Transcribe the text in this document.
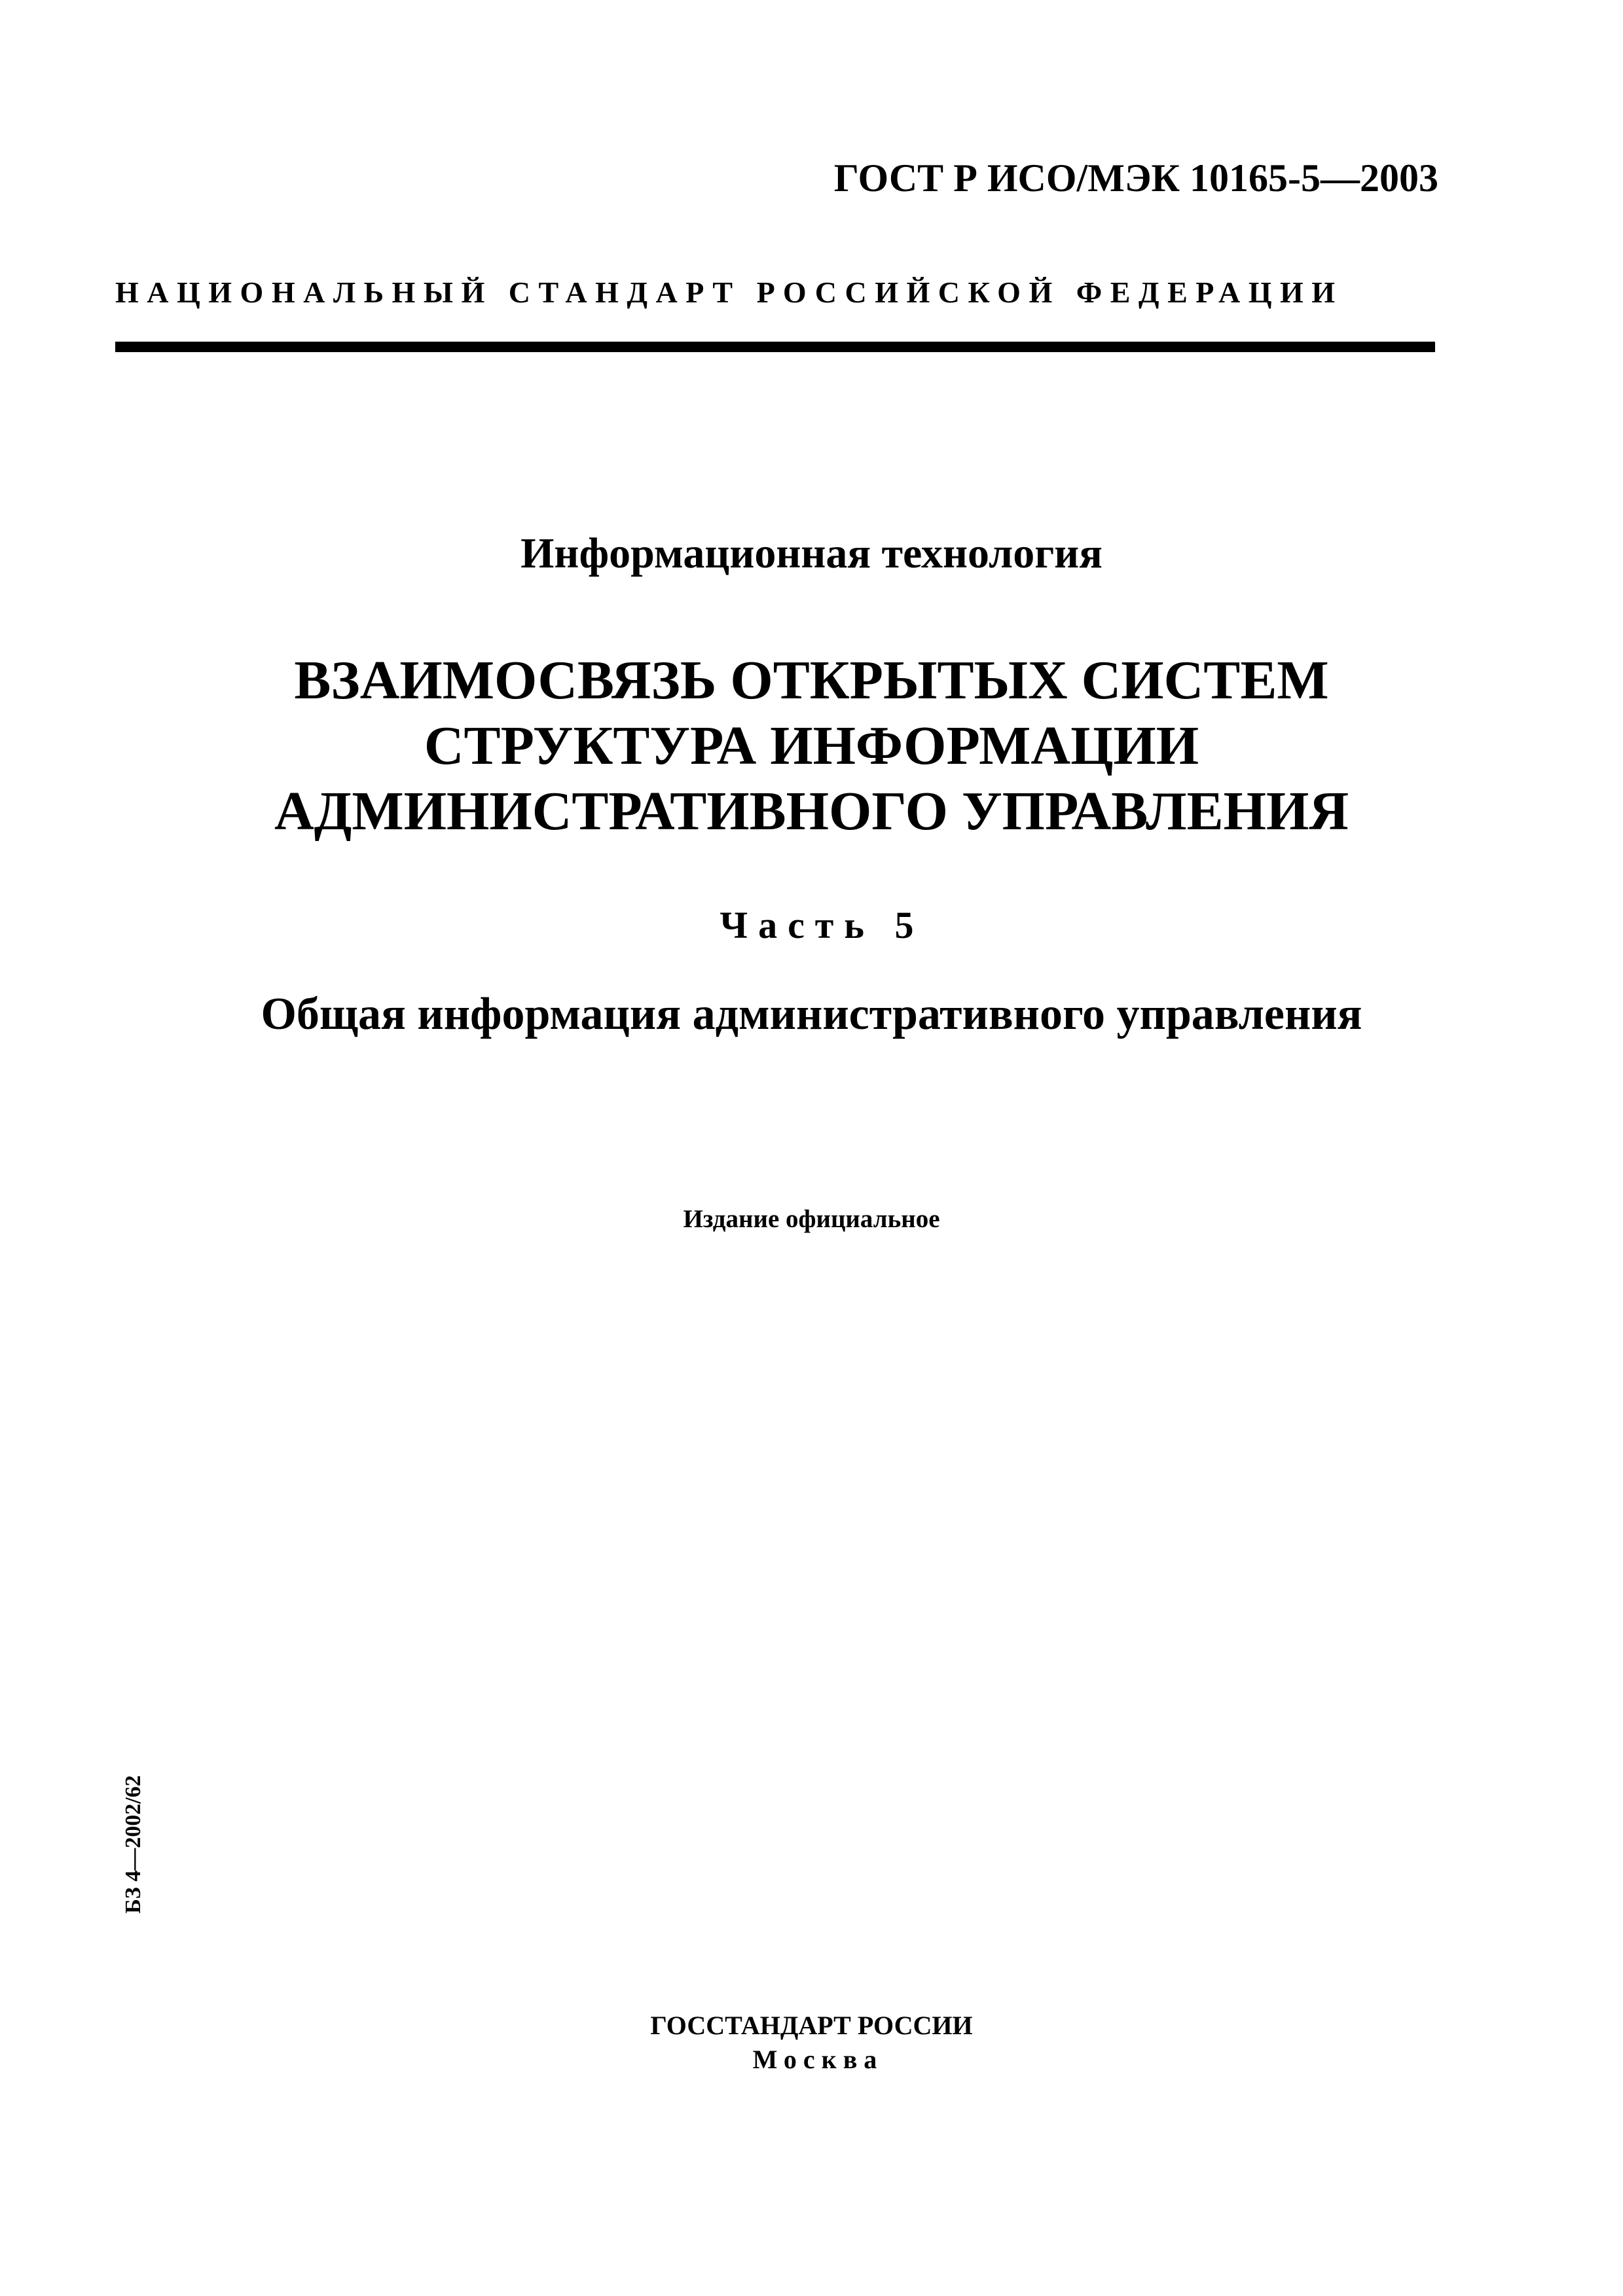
ГОСТ Р ИСО/МЭК 10165-5—2003
НАЦИОНАЛЬНЫЙ СТАНДАРТ РОССИЙСКОЙ ФЕДЕРАЦИИ
Информационная технология
ВЗАИМОСВЯЗЬ ОТКРЫТЫХ СИСТЕМ
СТРУКТУРА ИНФОРМАЦИИ
АДМИНИСТРАТИВНОГО УПРАВЛЕНИЯ
Часть 5
Общая информация административного управления
Издание официальное
БЗ 4—2002/62
ГОССТАНДАРТ РОССИИ
Москва
